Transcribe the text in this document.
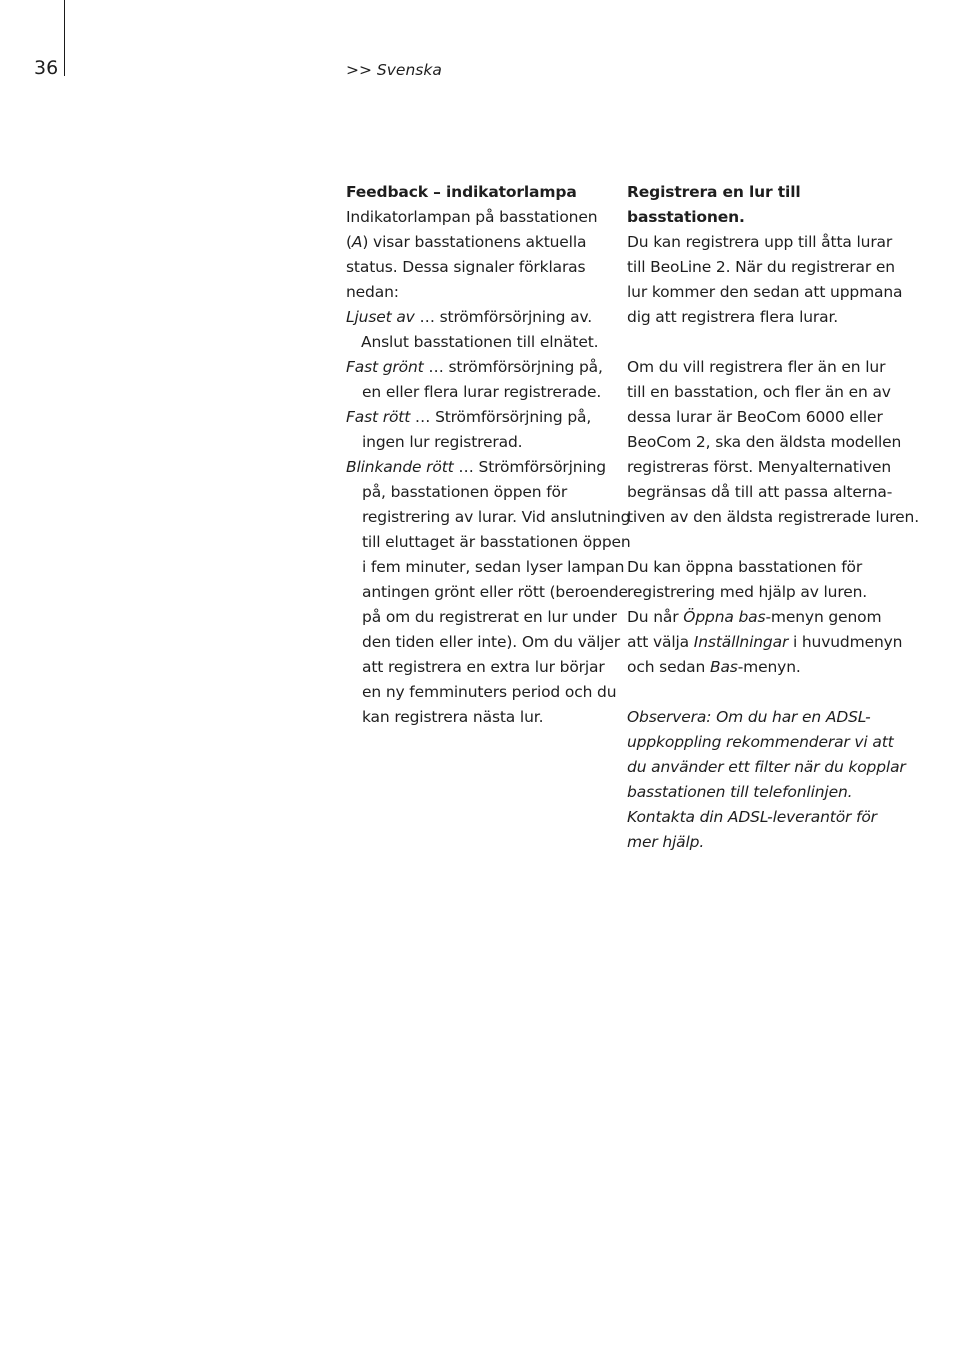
36	>> Svenska

Feedback – indikatorlampa

Indikatorlampan på basstationen
(A) visar basstationens aktuella
status. Dessa signaler förklaras
nedan:

Ljuset av … strömförsörjning av.
Anslut basstationen till elnätet.
Fast grönt … strömförsörjning på,
en eller flera lurar registrerade.
Fast rött … Strömförsörjning på,
ingen lur registrerad.
Blinkande rött … Strömförsörjning
på, basstationen öppen för
registrering av lurar. Vid anslutning
till eluttaget är basstationen öppen
i fem minuter, sedan lyser lampan
antingen grönt eller rött (beroende
på om du registrerat en lur under
den tiden eller inte). Om du väljer
att registrera en extra lur börjar
en ny femminuters period och du
kan registrera nästa lur.

Registrera en lur till
basstationen.

Du kan registrera upp till åtta lurar
till BeoLine 2. När du registrerar en
lur kommer den sedan att uppmana
dig att registrera flera lurar.

Om du vill registrera fler än en lur
till en basstation, och fler än en av
dessa lurar är BeoCom 6000 eller
BeoCom 2, ska den äldsta modellen
registreras först. Menyalternativen
begränsas då till att passa alterna-
tiven av den äldsta registrerade luren.

Du kan öppna basstationen för
registrering med hjälp av luren.
Du når Öppna bas-menyn genom
att välja Inställningar i huvudmenyn
och sedan Bas-menyn.

Observera: Om du har en ADSL-
uppkoppling rekommenderar vi att
du använder ett filter när du kopplar
basstationen till telefonlinjen.
Kontakta din ADSL-leverantör för
mer hjälp.
